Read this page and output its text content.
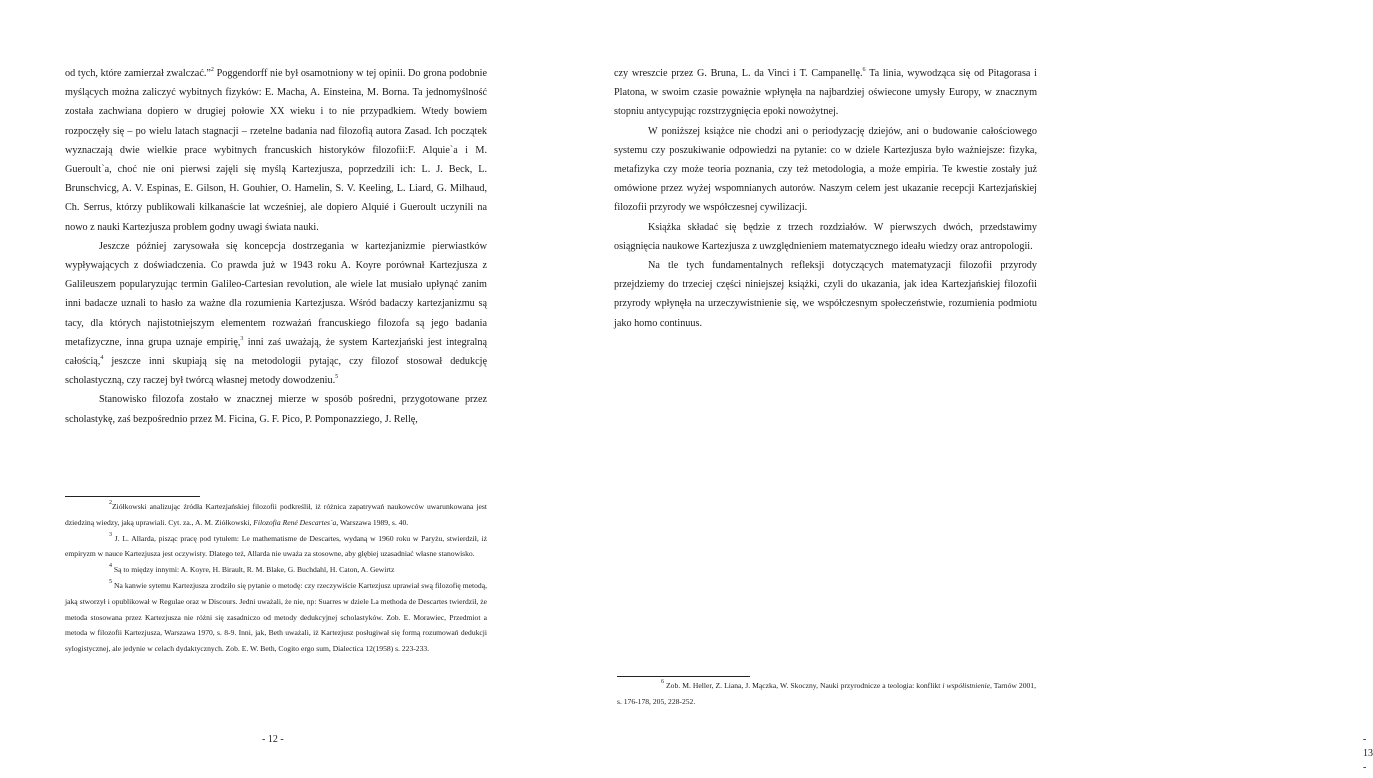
od tych, które zamierzał zwalczać.”$^2$ Poggendorff nie był osamotniony w tej opinii. Do grona podobnie myślących można zaliczyć wybitnych fizyków: E. Macha, A. Einsteina, M. Borna. Ta jednomyślność została zachwiana dopiero w drugiej połowie XX wieku i to nie przypadkiem. Wtedy bowiem rozpoczęły się – po wielu latach stagnacji – rzetelne badania nad filozofią autora Zasad. Ich początek wyznaczają dwie wielkie prace wybitnych francuskich historyków filozofii:F. Alquie`a i M. Gueroult`a, choć nie oni pierwsi zajęli się myślą Kartezjusza, poprzedzili ich: L. J. Beck, L. Brunschvicg, A. V. Espinas, E. Gilson, H. Gouhier, O. Hamelin, S. V. Keeling, L. Liard, G. Milhaud, Ch. Serrus, którzy publikowali kilkanaście lat wcześniej, ale dopiero Alquié i Gueroult uczynili na nowo z nauki Kartezjusza problem godny uwagi świata nauki.

Jeszcze później zarysowała się koncepcja dostrzegania w kartezjanizmie pierwiastków wypływających z doświadczenia. Co prawda już w 1943 roku A. Koyre porównał Kartezjusza z Galileuszem popularyzując termin Galileo-Cartesian revolution, ale wiele lat musiało upłynąć zanim inni badacze uznali to hasło za ważne dla rozumienia Kartezjusza. Wśród badaczy kartezjanizmu są tacy, dla których najistotniejszym elementem rozważań francuskiego filozofa są jego badania metafizyczne, inna grupa uznaje empirię,$^3$ inni zaś uważają, że system Kartezjański jest integralną całością,$^4$ jeszcze inni skupiają się na metodologii pytając, czy filozof stosował dedukcję scholastyczną, czy raczej był twórcą własnej metody dowodzeniu.$^5$

Stanowisko filozofa zostało w znacznej mierze w sposób pośredni, przygotowane przez scholastykę, zaś bezpośrednio przez M. Ficina, G. F. Pico, P. Pomponazziego, J. Rellę,

$^2$Ziółkowski analizując źródła Kartezjańskiej filozofii podkreślił, iż różnica zapatrywań naukowców uwarunkowana jest dziedziną wiedzy, jaką uprawiali. Cyt. za., A. M. Ziółkowski, Filozofia René Descartes`a, Warszawa 1989, s. 40.

$^3$ J. L. Allarda, pisząc pracę pod tytułem: Le mathematisme de Descartes, wydaną w 1960 roku w Paryżu, stwierdził, iż empiryzm w nauce Kartezjusza jest oczywisty. Dlatego też, Allarda nie uważa za stosowne, aby głębiej uzasadniać własne stanowisko.

$^4$ Są to między innymi: A. Koyre, H. Birault, R. M. Blake, G. Buchdahl, H. Caton, A. Gewirtz

$^5$ Na kanwie sytemu Kartezjusza zrodziło się pytanie o metodę: czy rzeczywiście Kartezjusz uprawiał swą filozofię metodą, jaką stworzył i opublikował w Regulae oraz w Discours. Jedni uważali, że nie, np: Suarres w dziele La methoda de Descartes twierdził, że metoda stosowana przez Kartezjusza nie różni się zasadniczo od metody dedukcyjnej scholastyków. Zob. E. Morawiec, Przedmiot a metoda w filozofii Kartezjusza, Warszawa 1970, s. 8-9. Inni, jak, Beth uważali, iż Kartezjusz posługiwał się formą rozumowań dedukcji sylogistycznej, ale jedynie w celach dydaktycznych. Zob. E. W. Beth, Cogito ergo sum, Dialectica 12(1958) s. 223-233.

- 12 -

czy wreszcie przez G. Bruna, L. da Vinci i T. Campanellę.$^6$ Ta linia, wywodząca się od Pitagorasa i Platona, w swoim czasie poważnie wpłynęła na najbardziej oświecone umysły Europy, w znacznym stopniu antycypując rozstrzygnięcia epoki nowożytnej.

W poniższej książce nie chodzi ani o periodyzację dziejów, ani o budowanie całościowego systemu czy poszukiwanie odpowiedzi na pytanie: co w dziele Kartezjusza było ważniejsze: fizyka, metafizyka czy może teoria poznania, czy też metodologia, a może empiria. Te kwestie zostały już omówione przez wyżej wspomnianych autorów. Naszym celem jest ukazanie recepcji Kartezjańskiej filozofii przyrody we współczesnej cywilizacji.

Książka składać się będzie z trzech rozdziałów. W pierwszych dwóch, przedstawimy osiągnięcia naukowe Kartezjusza z uwzględnieniem matematycznego ideału wiedzy oraz antropologii.

Na tle tych fundamentalnych refleksji dotyczących matematyzacji filozofii przyrody przejdziemy do trzeciej części niniejszej książki, czyli do ukazania, jak idea Kartezjańskiej filozofii przyrody wpłynęła na urzeczywistnienie się, we współczesnym społeczeństwie, rozumienia podmiotu jako homo continuus.

- 13 -

$^6$ Zob. M. Heller, Z. Liana, J. Mączka, W. Skoczny, Nauki przyrodnicze a teologia: konflikt i współistnienie, Tarnów 2001, s. 176-178, 205, 228-252.
